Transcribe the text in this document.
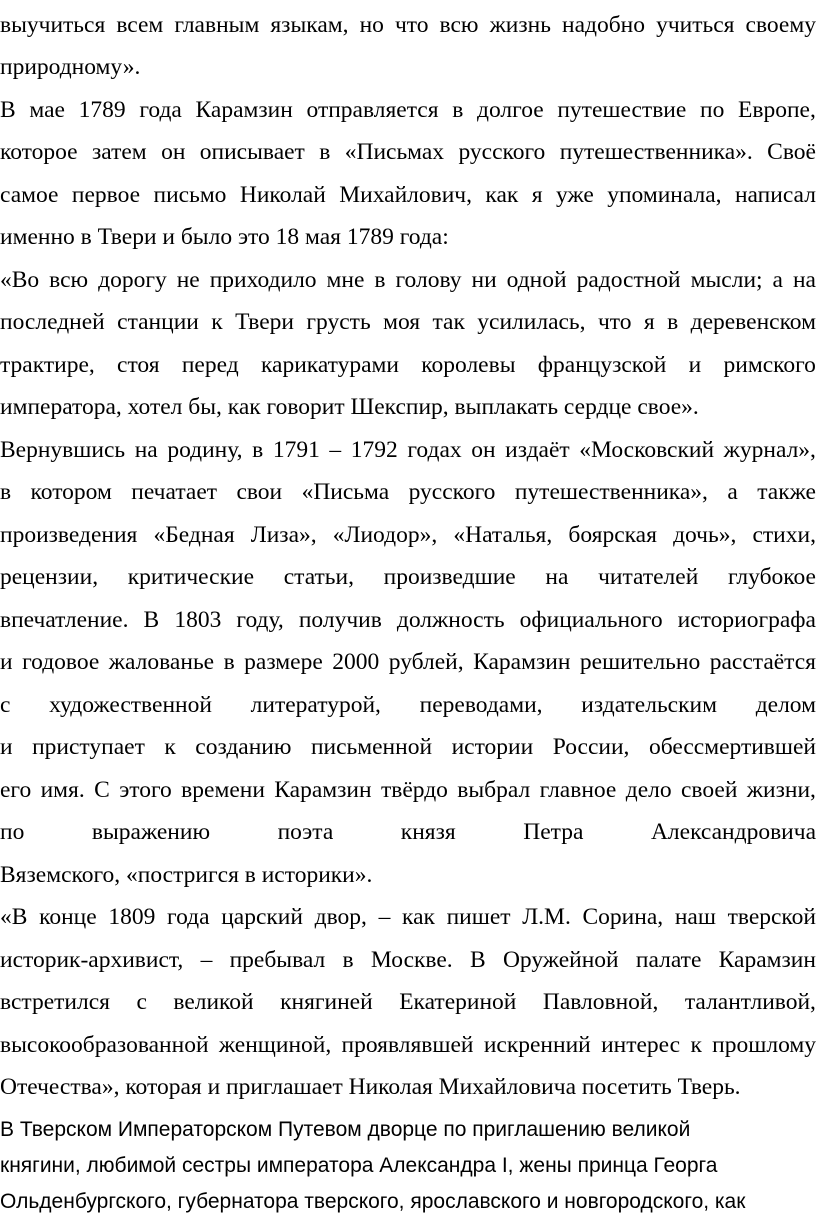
выучиться всем главным языкам, но что всю жизнь надобно учиться своему
природному».
В мае 1789 года Карамзин отправляется в долгое путешествие по Европе,
которое затем он описывает в «Письмах русского путешественника». Своё
самое первое письмо Николай Михайлович, как я уже упоминала, написал
именно в Твери и было это 18 мая 1789 года:
«Во всю дорогу не приходило мне в голову ни одной радостной мысли; а на
последней станции к Твери грусть моя так усилилась, что я в деревенском
трактире, стоя перед карикатурами королевы французской и римского
императора, хотел бы, как говорит Шекспир, выплакать сердце свое».
Вернувшись на родину, в 1791 – 1792 годах он издаёт «Московский журнал»,
в котором печатает свои «Письма русского путешественника», а также
произведения «Бедная Лиза», «Лиодор», «Наталья, боярская дочь», стихи,
рецензии, критические статьи, произведшие на читателей глубокое
впечатление. В 1803 году, получив должность официального историографа
и годовое жалованье в размере 2000 рублей, Карамзин решительно расстаётся
с художественной литературой, переводами, издательским делом
и приступает к созданию письменной истории России, обессмертившей
его имя. С этого времени Карамзин твёрдо выбрал главное дело своей жизни,
по	выражению	поэта	князя	Петра	Александровича
Вяземского, «постригся в историки».
«В конце 1809 года царский двор, – как пишет Л.М. Сорина, наш тверской
историк-архивист, – пребывал в Москве. В Оружейной палате Карамзин
встретился с великой княгиней Екатериной Павловной, талантливой,
высокообразованной женщиной, проявлявшей искренний интерес к прошлому
Отечества», которая и приглашает Николая Михайловича посетить Тверь.
В Тверском Императорском Путевом дворце по приглашению великой
княгини, любимой сестры императора Александра I, жены принца Георга
Ольденбургского, губернатора тверского, ярославского и новгородского, как
